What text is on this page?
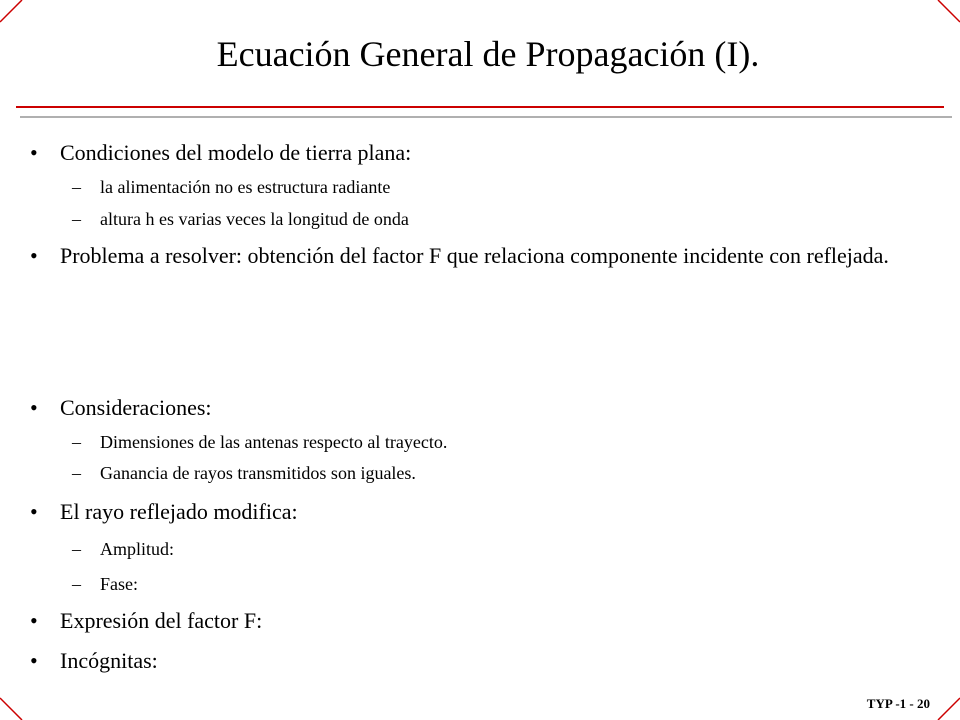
Ecuación General de Propagación (I).
•	Condiciones del modelo de tierra plana:
– la alimentación no es estructura radiante
– altura h es varias veces la longitud de onda
•	Problema a resolver: obtención del factor F que relaciona componente incidente con reflejada.
•	Consideraciones:
– Dimensiones de las antenas respecto al trayecto.
– Ganancia de rayos transmitidos son iguales.
•	El rayo reflejado modifica:
– Amplitud:
– Fase:
•	Expresión del factor F:
•	Incógnitas:
TYP -1 - 20
